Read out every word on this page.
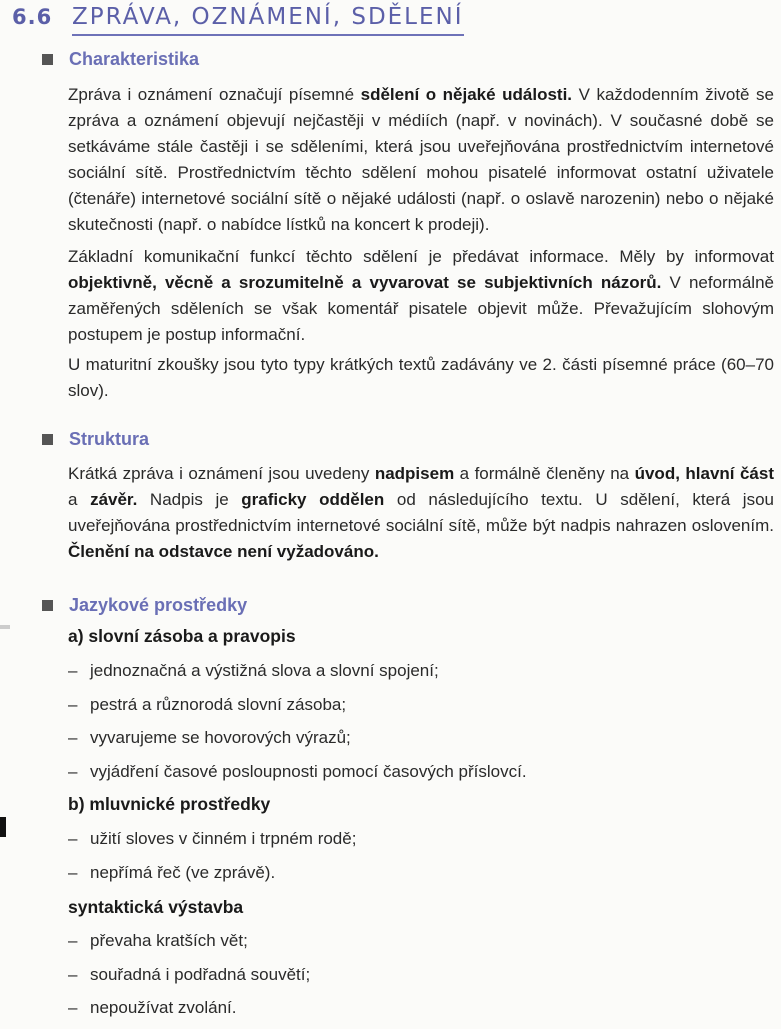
6.6 ZPRÁVA, OZNÁMENÍ, SDĚLENÍ
Charakteristika

Zpráva i oznámení označují písemné sdělení o nějaké události. V každodenním životě se zpráva a oznámení objevují nejčastěji v médiích (např. v novinách). V současné době se setkáváme stále častěji i se sděleními, která jsou uveřejňována prostřednictvím internetové sociální sítě. Prostřednictvím těchto sdělení mohou pisatelé informovat ostatní uživatele (čtenáře) internetové sociální sítě o nějaké události (např. o oslavě narozenin) nebo o nějaké skutečnosti (např. o nabídce lístků na koncert k prodeji).

Základní komunikační funkcí těchto sdělení je předávat informace. Měly by informovat objektivně, věcně a srozumitelně a vyvarovat se subjektivních názorů. V neformálně zaměřených sděleních se však komentář pisatele objevit může. Převažujícím slohovým postupem je postup informační.

U maturitní zkoušky jsou tyto typy krátkých textů zadávány ve 2. části písemné práce (60–70 slov).

Struktura

Krátká zpráva i oznámení jsou uvedeny nadpisem a formálně členěny na úvod, hlavní část a závěr. Nadpis je graficky oddělen od následujícího textu. U sdělení, která jsou uveřejňována prostřednictvím internetové sociální sítě, může být nadpis nahrazen oslovením. Členění na odstavce není vyžadováno.

Jazykové prostředky

a) slovní zásoba a pravopis

– jednoznačná a výstižná slova a slovní spojení;
– pestrá a různorodá slovní zásoba;
– vyvarujeme se hovorových výrazů;
– vyjádření časové posloupnosti pomocí časových příslovcí.

b) mluvnické prostředky

– užití sloves v činném i trpném rodě;
– nepřímá řeč (ve zprávě).

syntaktická výstavba

– převaha kratších vět;
– souřadná i podřadná souvětí;
– nepoužívat zvolání.
